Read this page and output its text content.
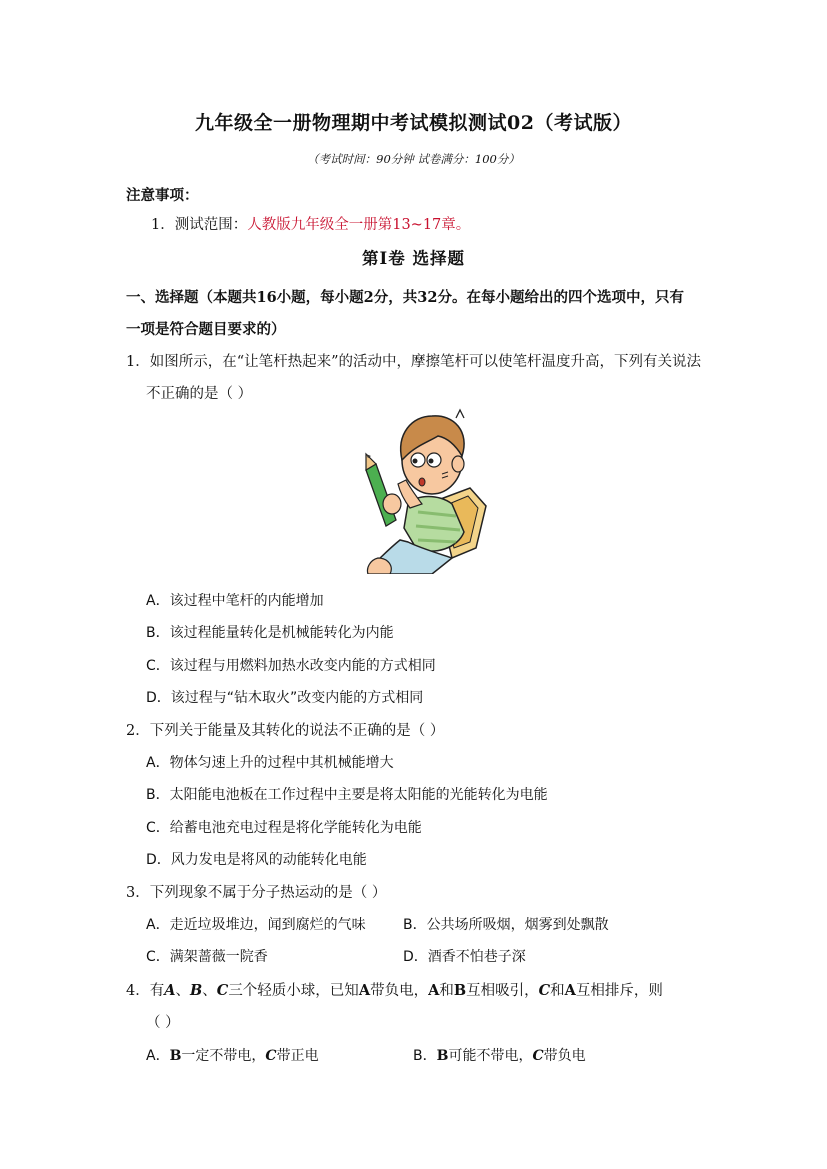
九年级全一册物理期中考试模拟测试02（考试版）
（考试时间：90分钟 试卷满分：100分）
注意事项：
1．测试范围：人教版九年级全一册第13~17章。
第Ⅰ卷 选择题
一、选择题（本题共16小题，每小题2分，共32分。在每小题给出的四个选项中，只有
一项是符合题目要求的）
1．如图所示，在“让笔杆热起来”的活动中，摩擦笔杆可以使笔杆温度升高，下列有关说法
不正确的是（ ）
A．该过程中笔杆的内能增加
B．该过程能量转化是机械能转化为内能
C．该过程与用燃料加热水改变内能的方式相同
D．该过程与“钻木取火”改变内能的方式相同
2．下列关于能量及其转化的说法不正确的是（ ）
A．物体匀速上升的过程中其机械能增大
B．太阳能电池板在工作过程中主要是将太阳能的光能转化为电能
C．给蓄电池充电过程是将化学能转化为电能
D．风力发电是将风的动能转化电能
3．下列现象不属于分子热运动的是（ ）
A．走近垃圾堆边，闻到腐烂的气味	B．公共场所吸烟，烟雾到处飘散
C．满架蔷薇一院香	D．酒香不怕巷子深
4．有A、B、C三个轻质小球，已知A带负电，A和B互相吸引，C和A互相排斥，则
（ ）
A．B一定不带电，C带正电	B．B可能不带电，C带负电
